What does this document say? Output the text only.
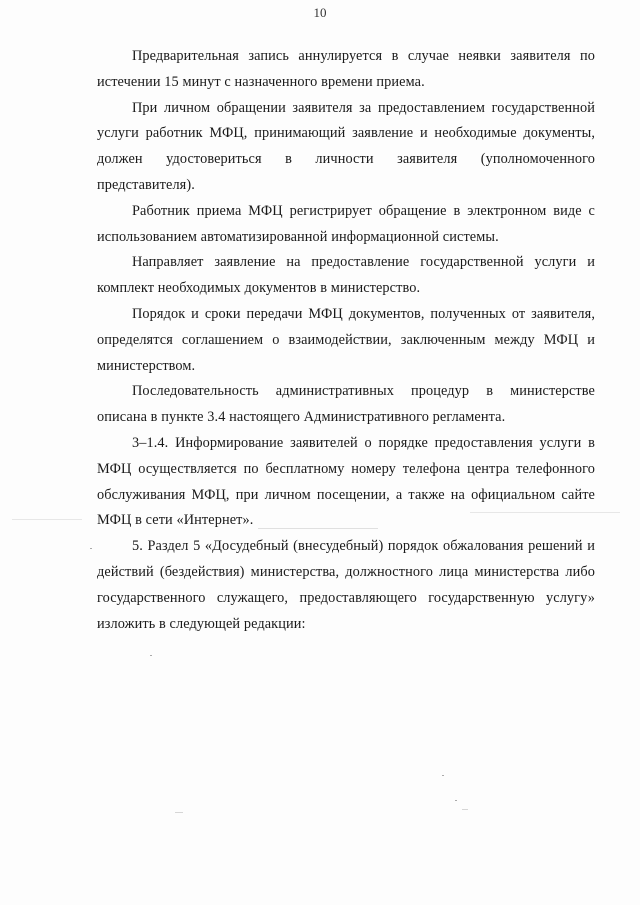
10

Предварительная запись аннулируется в случае неявки заявителя по истечении 15 минут с назначенного времени приема.

При личном обращении заявителя за предоставлением государственной услуги работник МФЦ, принимающий заявление и необходимые документы, должен удостовериться в личности заявителя (уполномоченного представителя).

Работник приема МФЦ регистрирует обращение в электронном виде с использованием автоматизированной информационной системы.

Направляет заявление на предоставление государственной услуги и комплект необходимых документов в министерство.

Порядок и сроки передачи МФЦ документов, полученных от заявителя, определятся соглашением о взаимодействии, заключенным между МФЦ и министерством.

Последовательность административных процедур в министерстве описана в пункте 3.4 настоящего Административного регламента.

3–1.4. Информирование заявителей о порядке предоставления услуги в МФЦ осуществляется по бесплатному номеру телефона центра телефонного обслуживания МФЦ, при личном посещении, а также на официальном сайте МФЦ в сети «Интернет».

5. Раздел 5 «Досудебный (внесудебный) порядок обжалования решений и действий (бездействия) министерства, должностного лица министерства либо государственного служащего, предоставляющего государственную услугу» изложить в следующей редакции:
